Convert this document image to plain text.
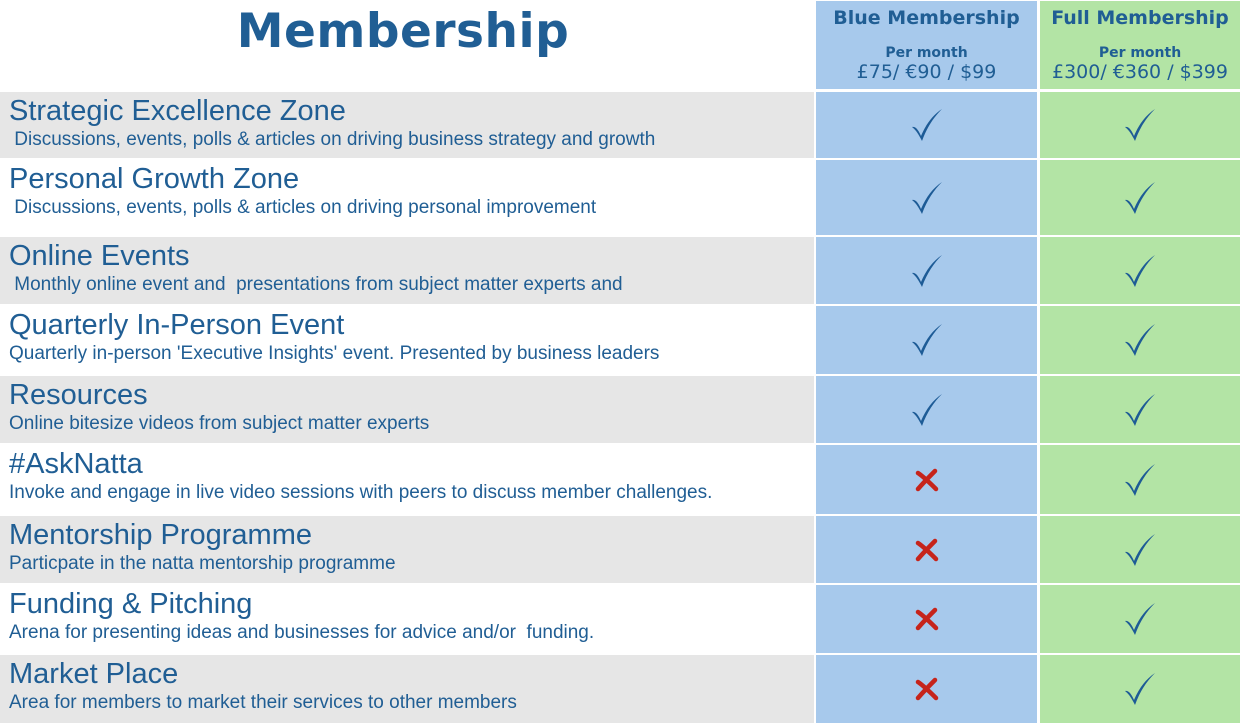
Membership	Blue Membership
Per month
£75/ €90 / $99
Full Membership
Per month
£300/ €360 / $399
Strategic Excellence Zone
Discussions, events, polls & articles on driving business strategy and growth
Personal Growth Zone
Discussions, events, polls & articles on driving personal improvement
Online Events
Monthly online event and  presentations from subject matter experts and
Quarterly In-Person Event
Quarterly in-person 'Executive Insights' event. Presented by business leaders
Resources
Online bitesize videos from subject matter experts
#AskNatta
Invoke and engage in live video sessions with peers to discuss member challenges.
Mentorship Programme
Particpate in the natta mentorship programme
Funding & Pitching
Arena for presenting ideas and businesses for advice and/or  funding.
Market Place
Area for members to market their services to other members
